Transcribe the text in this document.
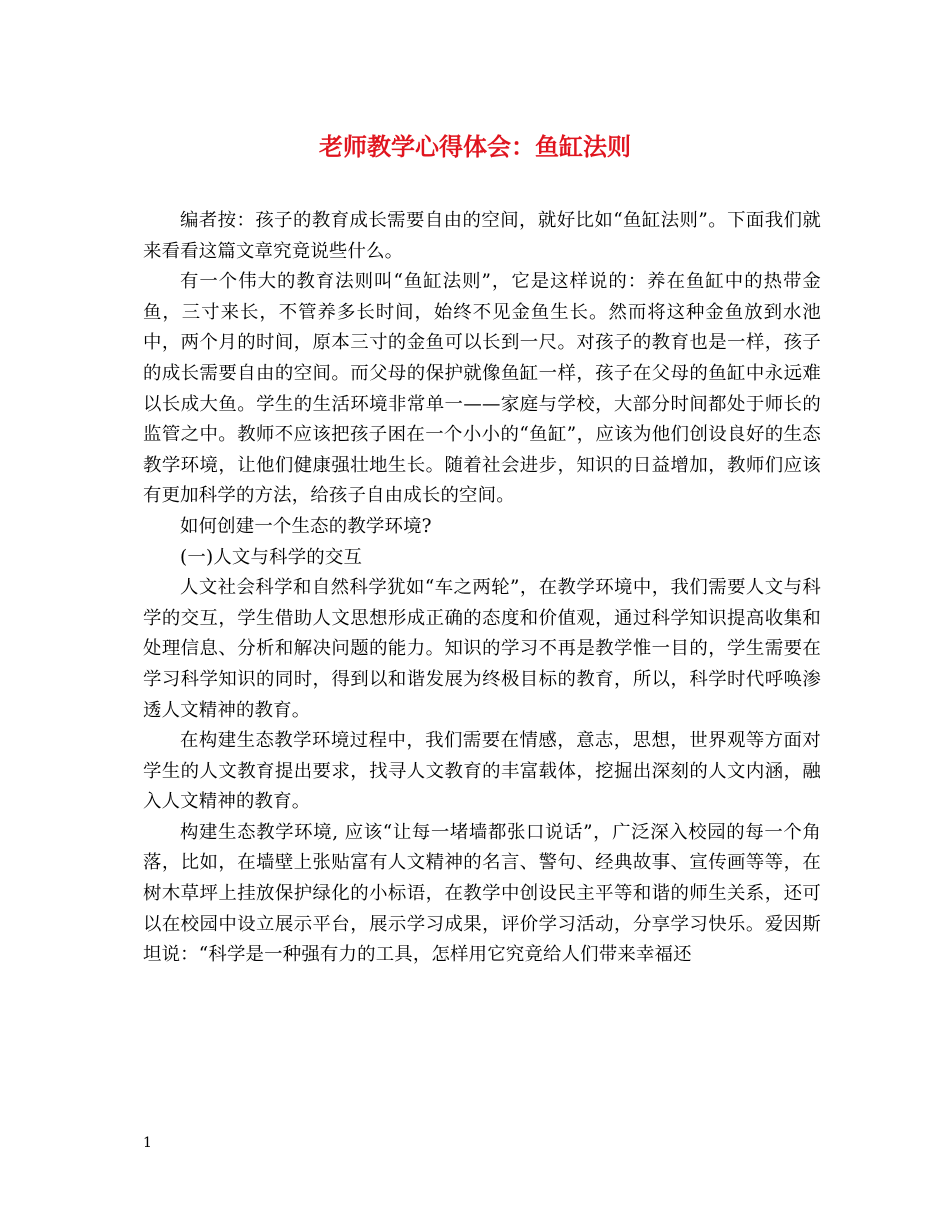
老师教学心得体会：鱼缸法则

编者按：孩子的教育成长需要自由的空间，就好比如“鱼缸法则”。下面我们就来看看这篇文章究竟说些什么。

有一个伟大的教育法则叫“鱼缸法则”，它是这样说的：养在鱼缸中的热带金鱼，三寸来长，不管养多长时间，始终不见金鱼生长。然而将这种金鱼放到水池中，两个月的时间，原本三寸的金鱼可以长到一尺。对孩子的教育也是一样，孩子的成长需要自由的空间。而父母的保护就像鱼缸一样，孩子在父母的鱼缸中永远难以长成大鱼。学生的生活环境非常单一——家庭与学校，大部分时间都处于师长的监管之中。教师不应该把孩子困在一个小小的“鱼缸”，应该为他们创设良好的生态教学环境，让他们健康强壮地生长。随着社会进步，知识的日益增加，教师们应该有更加科学的方法，给孩子自由成长的空间。

如何创建一个生态的教学环境?

(一)人文与科学的交互

人文社会科学和自然科学犹如“车之两轮”，在教学环境中，我们需要人文与科学的交互，学生借助人文思想形成正确的态度和价值观，通过科学知识提高收集和处理信息、分析和解决问题的能力。知识的学习不再是教学惟一目的，学生需要在学习科学知识的同时，得到以和谐发展为终极目标的教育，所以，科学时代呼唤渗透人文精神的教育。

在构建生态教学环境过程中，我们需要在情感，意志，思想，世界观等方面对学生的人文教育提出要求，找寻人文教育的丰富载体，挖掘出深刻的人文内涵，融入人文精神的教育。

构建生态教学环境, 应该“让每一堵墙都张口说话”，广泛深入校园的每一个角落，比如，在墙壁上张贴富有人文精神的名言、警句、经典故事、宣传画等等，在树木草坪上挂放保护绿化的小标语，在教学中创设民主平等和谐的师生关系，还可以在校园中设立展示平台，展示学习成果，评价学习活动，分享学习快乐。爱因斯坦说：“科学是一种强有力的工具，怎样用它究竟给人们带来幸福还

1
